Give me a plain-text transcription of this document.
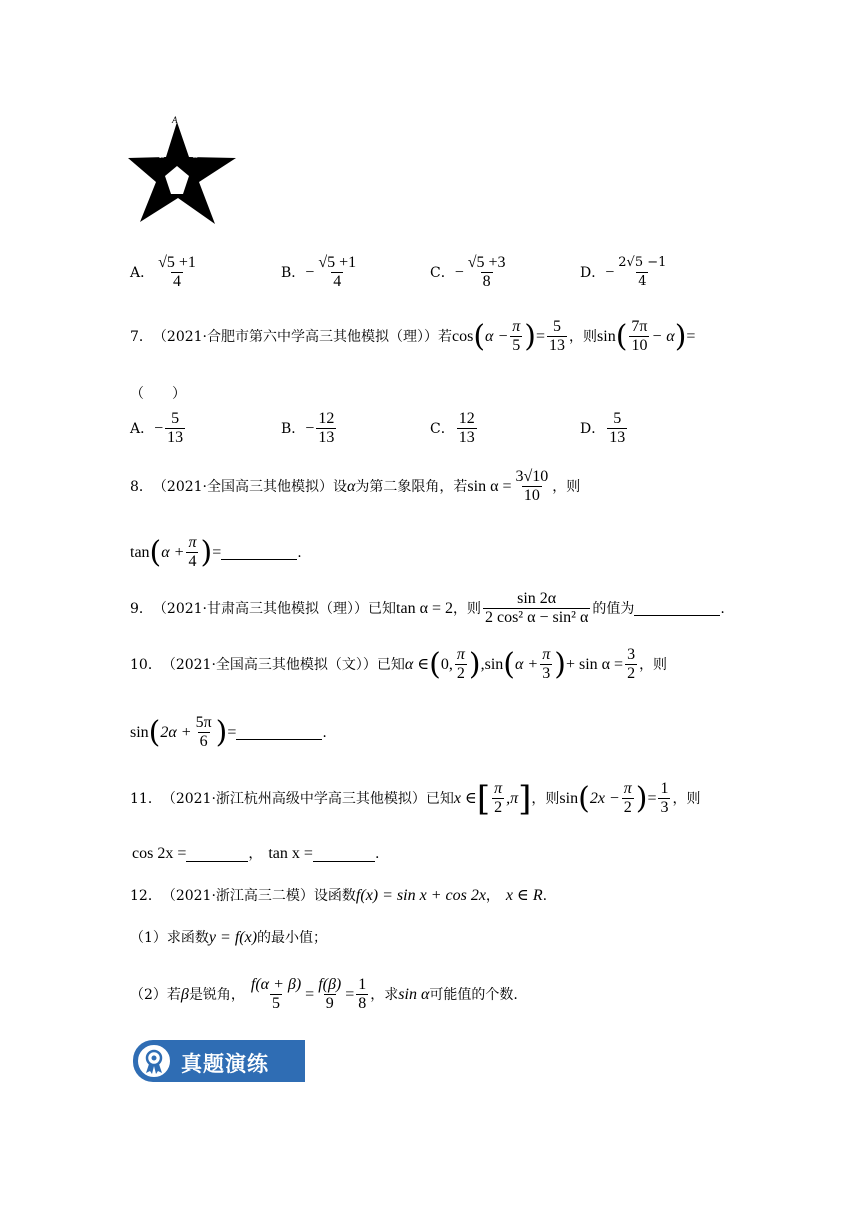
A
B	C
A． $\frac{√5 +1}{4}$	B． − $\frac{√5 +1}{4}$	C． − $\frac{√5 +3}{8}$	D． − $\frac{2√5 -1}{4}$
7． （2021·合肥市第六中学高三其他模拟（理））若 cos ( $\alpha - \frac{\pi}{5}$ ) = $\frac{5}{13}$ ，则 sin ( $\frac{7\pi}{10} - \alpha$ ) =
（　　）
A． − $\frac{5}{13}$	B． − $\frac{12}{13}$	C． $\frac{12}{13}$	D． $\frac{5}{13}$
8． （2021·全国高三其他模拟）设 α 为第二象限角，若 $\sin \alpha = \frac{3√10}{10}$ ，则
tan ( $\alpha + \frac{\pi}{4}$ ) =	.
9． （2021·甘肃高三其他模拟（理））已知 tan α = 2 ，则 $\frac{\sin 2\alpha}{\text{2 cos² α − sin² α}}$ 的值为	.
10． （2021·全国高三其他模拟（文））已知 α ∈ ( 0, $\frac{\pi}{2}$ ) ,sin ( $\alpha + \frac{\pi}{3}$ ) + $\sin \alpha = \frac{3}{2}$ ，则
sin ( $2\alpha + \frac{5\pi}{6}$ ) =	.
11． （2021·浙江杭州高级中学高三其他模拟）已知 x ∈ [ $\frac{\pi}{2} ,\pi$ ] ，则 sin ( $2x - \frac{\pi}{2}$ ) = $\frac{1}{3}$ ，则
cos 2x =	， tan x =	.
12． （2021·浙江高三二模）设函数 f(x) = sin x + cos 2x ， x ∈ R .
（1）求函数 y = f(x) 的最小值；
（2）若 β 是锐角， $\frac{f(\alpha + \beta)}{5} = \frac{f(\beta)}{9} = \frac{1}{8}$ ，求 sin α 可能值的个数.
真题演练
